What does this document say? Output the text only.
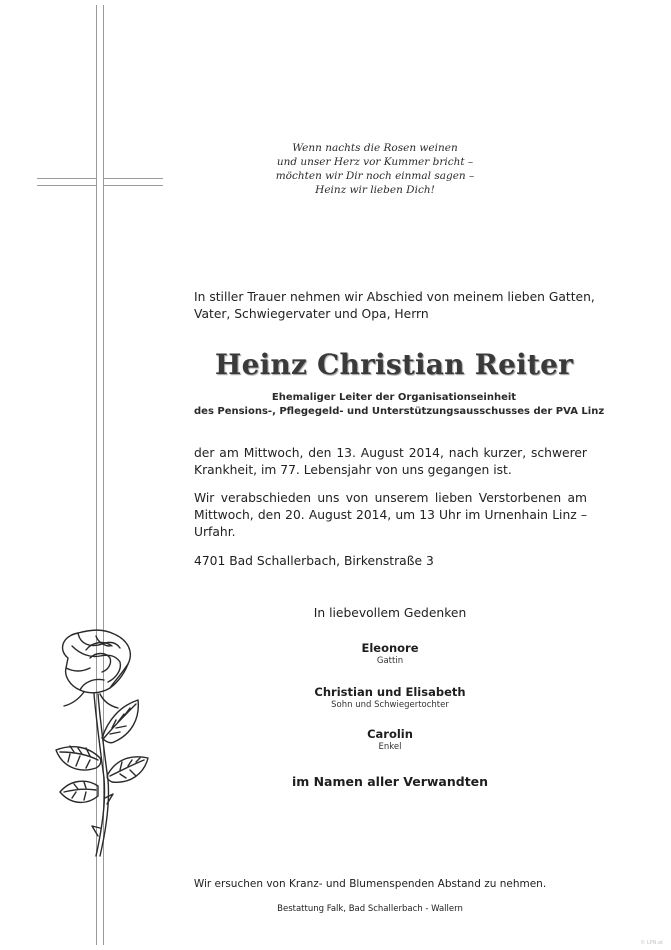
Wenn nachts die Rosen weinen
und unser Herz vor Kummer bricht –
möchten wir Dir noch einmal sagen –
Heinz wir lieben Dich!
In stiller Trauer nehmen wir Abschied von meinem lieben Gatten,
Vater, Schwiegervater und Opa, Herrn
Heinz Christian Reiter
Ehemaliger Leiter der Organisationseinheit
des Pensions-, Pflegegeld- und Unterstützungsausschusses der PVA Linz
der am Mittwoch, den 13. August 2014, nach kurzer, schwerer
Krankheit, im 77. Lebensjahr von uns gegangen ist.
Wir verabschieden uns von unserem lieben Verstorbenen am
Mittwoch, den 20. August 2014, um 13 Uhr im Urnenhain Linz –
Urfahr.
4701 Bad Schallerbach, Birkenstraße 3
In liebevollem Gedenken
Eleonore
Gattin
Christian und Elisabeth
Sohn und Schwiegertochter
Carolin
Enkel
im Namen aller Verwandten
Wir ersuchen von Kranz- und Blumenspenden Abstand zu nehmen.
Bestattung Falk, Bad Schallerbach - Wallern
© LPN.at
